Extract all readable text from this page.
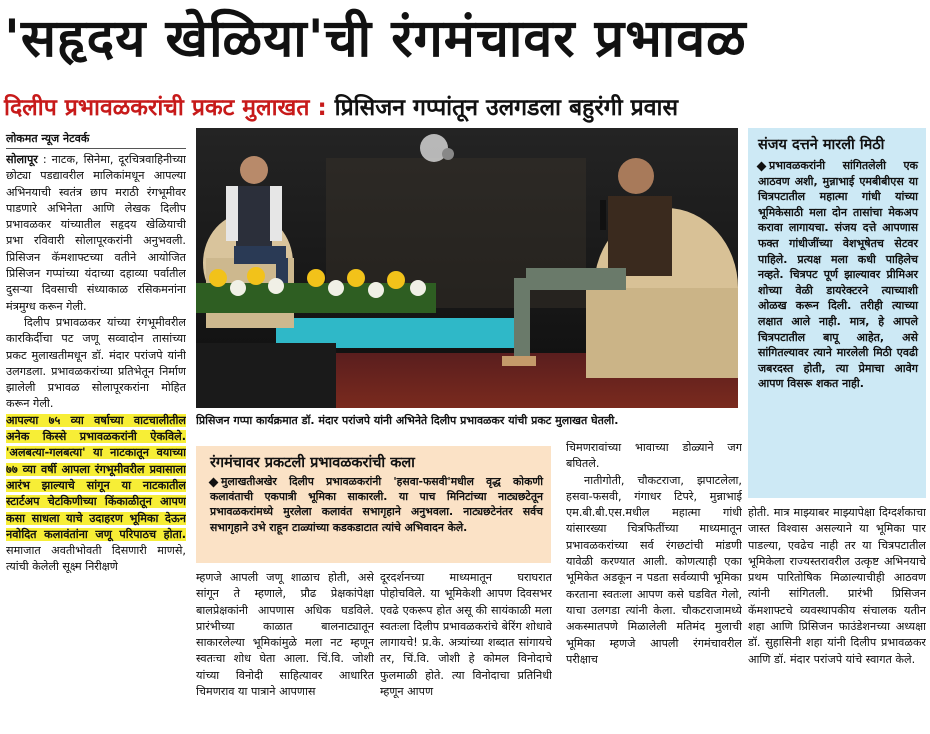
'सहृदय खेळिया'ची रंगमंचावर प्रभावळ
दिलीप प्रभावळकरांची प्रकट मुलाखत : प्रिसिजन गप्पांतून उलगडला बहुरंगी प्रवास
लोकमत न्यूज नेटवर्क

सोलापूर : नाटक, सिनेमा, दूरचित्रवाहिनीच्या छोट्या पडद्यावरील मालिकांमधून आपल्या अभिनयाची स्वतंत्र छाप मराठी रंगभूमीवर पाडणारे अभिनेता आणि लेखक दिलीप प्रभावळकर यांच्यातील सहृदय खेळियाची प्रभा रविवारी सोलापूरकरांनी अनुभवली. प्रिसिजन कॅमशाफ्टच्या वतीने आयोजित प्रिसिजन गप्पांच्या यंदाच्या दहाव्या पर्वातील दुसऱ्या दिवसाची संध्याकाळ रसिकमनांना मंत्रमुग्ध करून गेली.

दिलीप प्रभावळकर यांच्या रंगभूमीवरील कारकिर्दीचा पट जणू सव्वादोन तासांच्या प्रकट मुलाखतीमधून डॉ. मंदार परांजपे यांनी उलगडला. प्रभावळकरांच्या प्रतिभेतून निर्माण झालेली प्रभावळ सोलापूरकरांना मोहित करून गेली.

आपल्या ७५ व्या वर्षाच्या वाटचालीतील अनेक किस्से प्रभावळकरांनी ऐकविले. 'अलबत्या-गलबत्या' या नाटकातून वयाच्या ७७ व्या वर्षी आपला रंगभूमीवरील प्रवासाला आरंभ झाल्याचे सांगून या नाटकातील स्टार्टअप चेटकिणीच्या किंकाळीतून आपण कसा साधला याचे उदाहरण भूमिका देऊन नवोदित कलावंतांना जणू परिपाठच होता. समाजात अवतीभोवती दिसणारी माणसे, त्यांची केलेली सूक्ष्म निरीक्षणे

प्रिसिजन गप्पा कार्यक्रमात डॉ. मंदार परांजपे यांनी अभिनेते दिलीप प्रभावळकर यांची प्रकट मुलाखत घेतली.
संजय दत्तने मारली मिठी
प्रभावळकरांनी सांगितलेली एक आठवण अशी, मुन्नाभाई एमबीबीएस या चित्रपटातील महात्मा गांधी यांच्या भूमिकेसाठी मला दोन तासांचा मेकअप करावा लागायचा. संजय दत्ते आपणास फक्त गांधीजींच्या वेशभूषेतच सेटवर पाहिले. प्रत्यक्ष मला कधी पाहिलेच नव्हते. चित्रपट पूर्ण झाल्यावर प्रीमिअर शोच्या वेळी डायरेक्टरने त्याच्याशी ओळख करून दिली. तरीही त्याच्या लक्षात आले नाही. मात्र, हे आपले चित्रपटातील बापू आहेत, असे सांगितल्यावर त्याने मारलेली मिठी एवढी जबरदस्त होती, त्या प्रेमाचा आवेग आपण विसरू शकत नाही.
रंगमंचावर प्रकटली प्रभावळकरांची कला
मुलाखतीअखेर दिलीप प्रभावळकरांनी 'हसवा-फसवी'मधील वृद्ध कोकणी कलावंताची एकपात्री भूमिका साकारली. या पाच मिनिटांच्या नाट्यछटेतून प्रभावळकरांमध्ये मुरलेला कलावंत सभागृहाने अनुभवला. नाट्यछटेनंतर सर्वच सभागृहाने उभे राहून टाळ्यांच्या कडकडाटात त्यांचे अभिवादन केले.

म्हणजे आपली जणू शाळाच होती, असे सांगून ते म्हणाले, प्रौढ प्रेक्षकांपेक्षा बालप्रेक्षकांनी आपणास अधिक घडविले. प्रारंभीच्या काळात बालनाट्यातून साकारलेल्या भूमिकांमुळे मला नट म्हणून स्वतःचा शोध घेता आला. चिं.वि. जोशी यांच्या विनोदी साहित्यावर आधारित चिमणराव या पात्राने आपणास

दूरदर्शनच्या माध्यमातून घराघरात पोहोचविले. या भूमिकेशी आपण दिवसभर एवढे एकरूप होत असू की सायंकाळी मला स्वतःला दिलीप प्रभावळकरांचे बेरिंग शोधावे लागायचे! प्र.के. अत्र्यांच्या शब्दात सांगायचे तर, चिं.वि. जोशी हे कोमल विनोदाचे फुलमाळी होते. त्या विनोदाचा प्रतिनिधी म्हणून आपण

चिमणरावांच्या भावाच्या डोळ्याने जग बघितले.

नातीगोती, चौकटराजा, झपाटलेला, हसवा-फसवी, गंगाधर टिपरे, मुन्नाभाई एम.बी.बी.एस.मधील महात्मा गांधी यांसारख्या चित्रफितींच्या माध्यमातून प्रभावळकरांच्या सर्व रंगछटांची मांडणी यावेळी करण्यात आली. कोणत्याही एका भूमिकेत अडकून न पडता सर्वव्यापी भूमिका करताना स्वतःला आपण कसे घडवित गेलो, याचा उलगडा त्यांनी केला. चौकटराजामध्ये अकस्मातपणे मिळालेली मतिमंद मुलाची भूमिका म्हणजे आपली रंगमंचावरील परीक्षाच

होती. मात्र माझ्याबर माझ्यापेक्षा दिग्दर्शकाचा जास्त विश्वास असल्याने या भूमिका पार पाडल्या, एवढेच नाही तर या चित्रपटातील भूमिकेला राज्यस्तरावरील उत्कृष्ट अभिनयाचे प्रथम पारितोषिक मिळाल्याचीही आठवण त्यांनी सांगितली. प्रारंभी प्रिसिजन कॅमशाफ्टचे व्यवस्थापकीय संचालक यतीन शहा आणि प्रिसिजन फाउंडेशनच्या अध्यक्षा डॉ. सुहासिनी शहा यांनी दिलीप प्रभावळकर आणि डॉ. मंदार परांजपे यांचे स्वागत केले.
